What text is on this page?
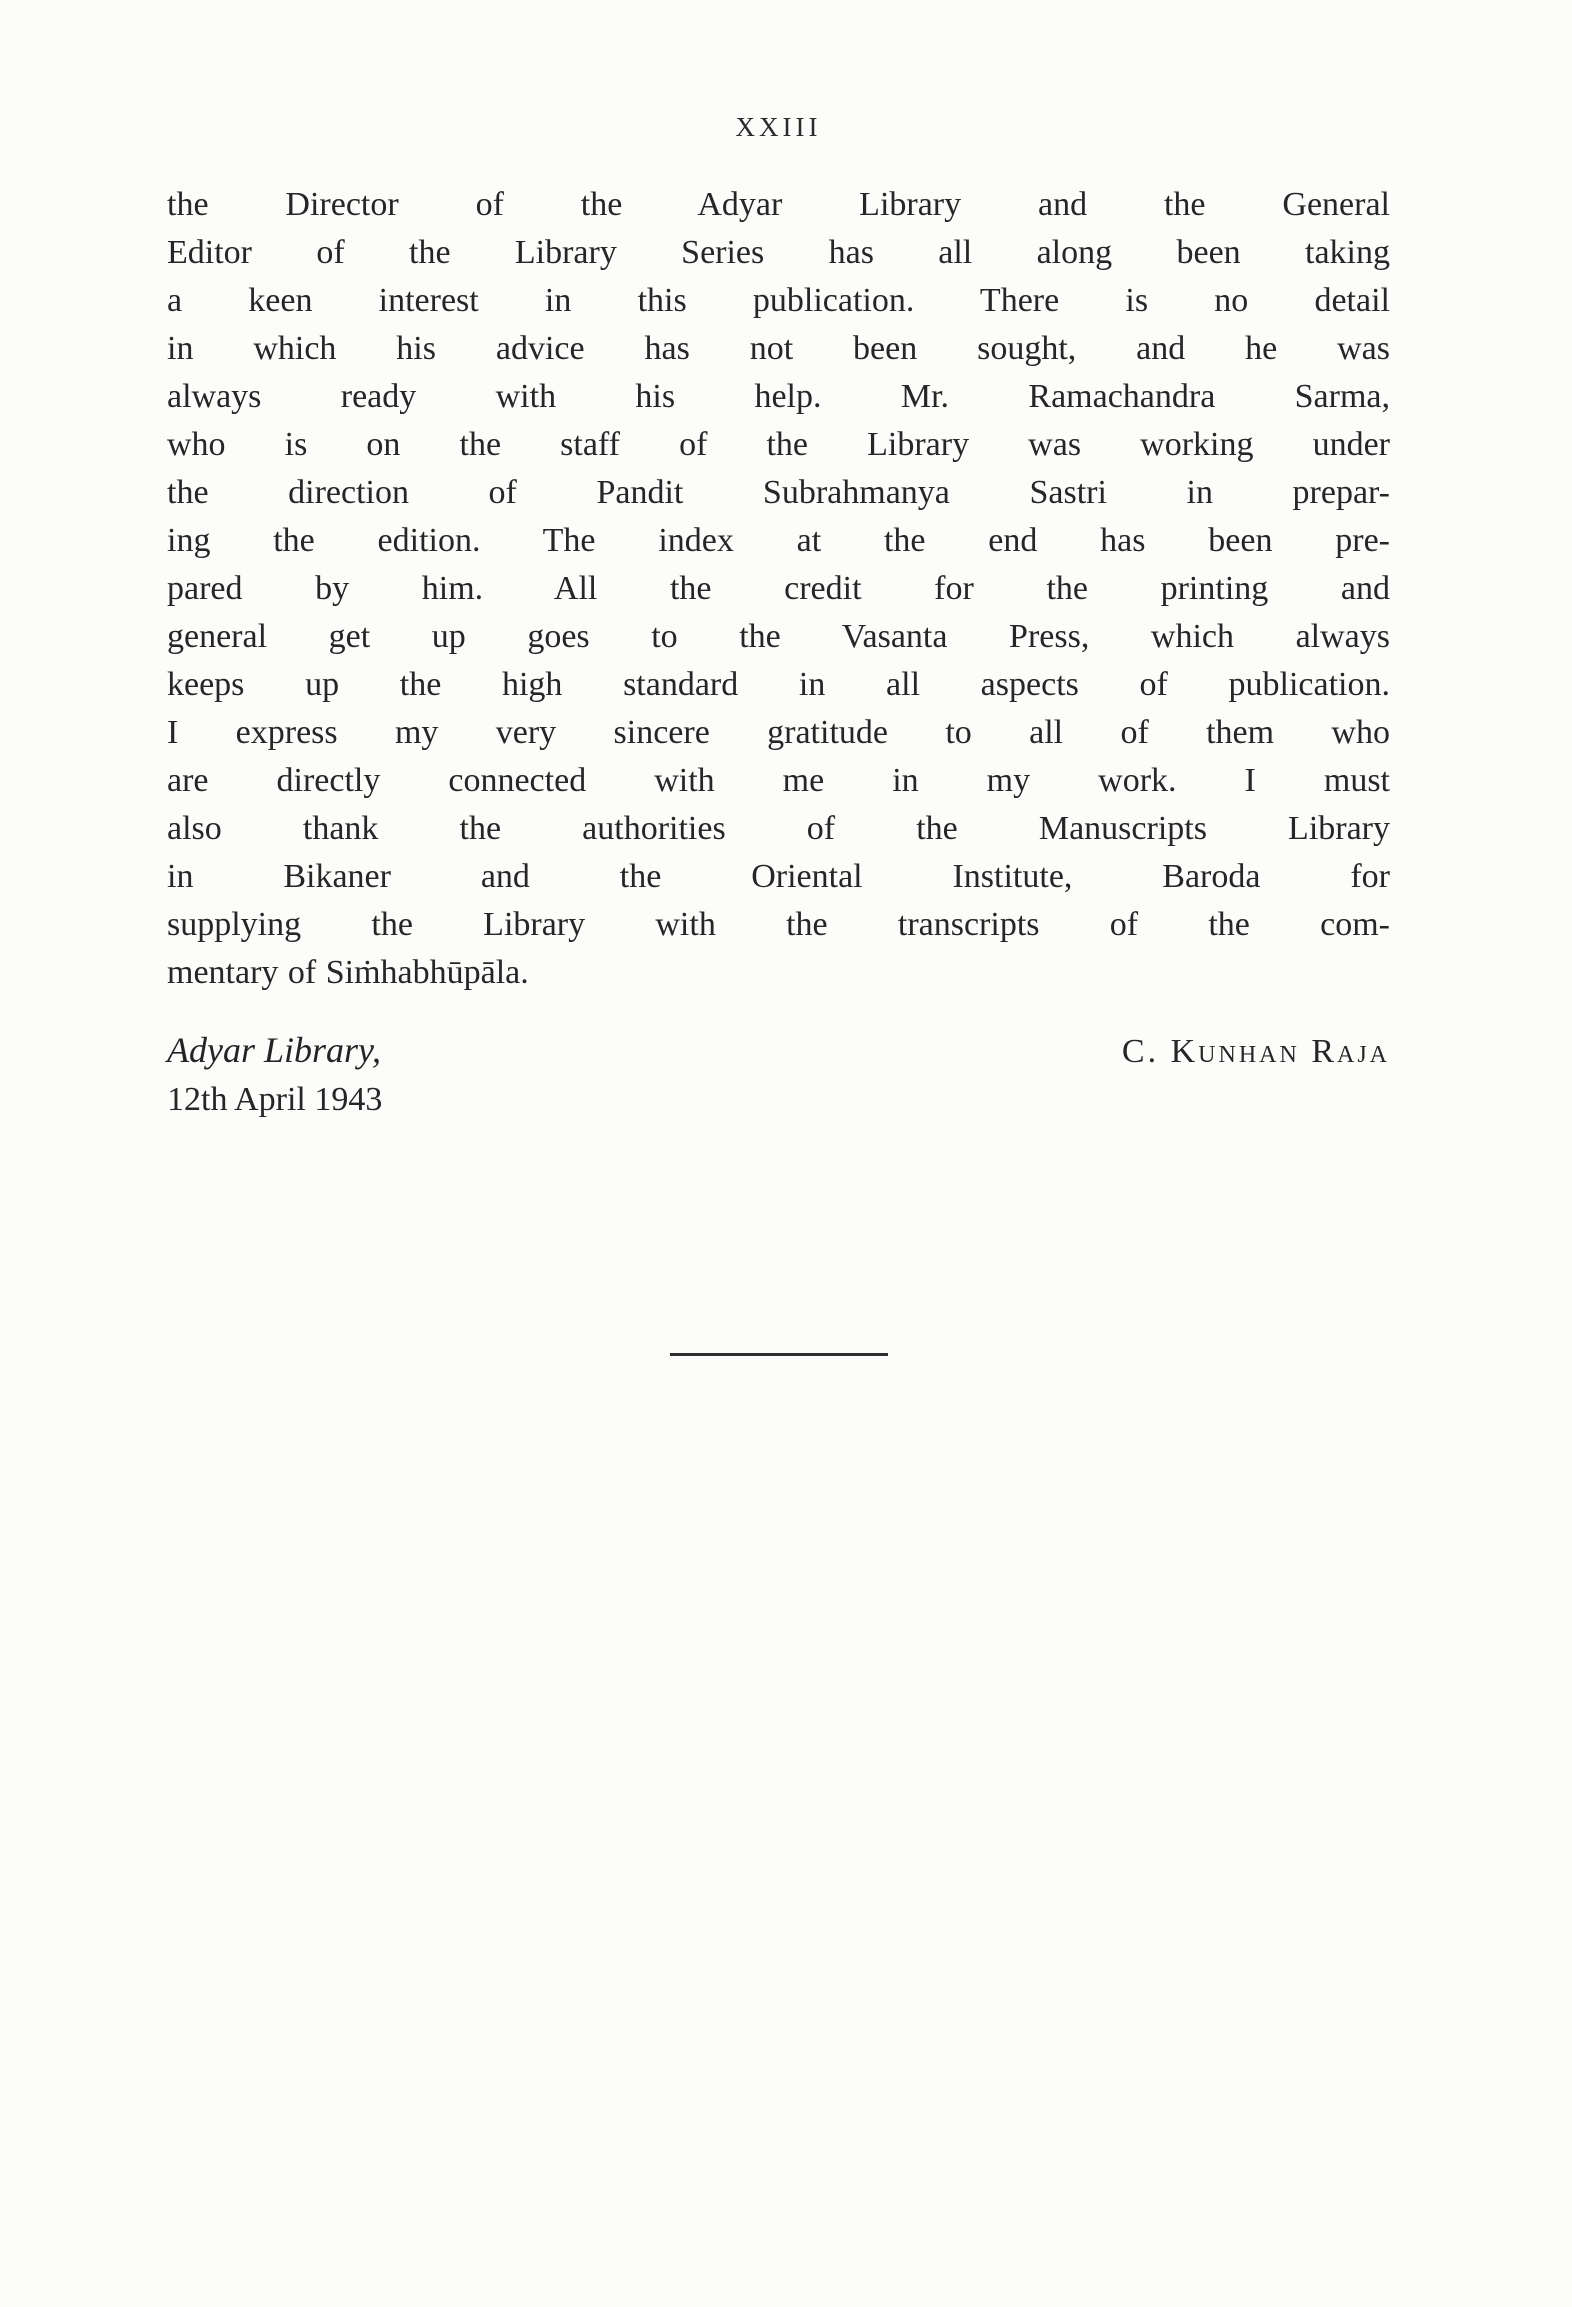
XXIII
the Director of the Adyar Library and the General
Editor of the Library Series has all along been taking
a keen interest in this publication. There is no detail
in which his advice has not been sought, and he was
always ready with his help. Mr. Ramachandra Sarma,
who is on the staff of the Library was working under
the direction of Pandit Subrahmanya Sastri in prepar-
ing the edition. The index at the end has been pre-
pared by him. All the credit for the printing and
general get up goes to the Vasanta Press, which always
keeps up the high standard in all aspects of publication.
I express my very sincere gratitude to all of them who
are directly connected with me in my work. I must
also thank the authorities of the Manuscripts Library
in Bikaner and the Oriental Institute, Baroda for
supplying the Library with the transcripts of the com-
mentary of Siṁhabhūpāla.
Adyar Library,
12th April 1943
C. Kunhan Raja
